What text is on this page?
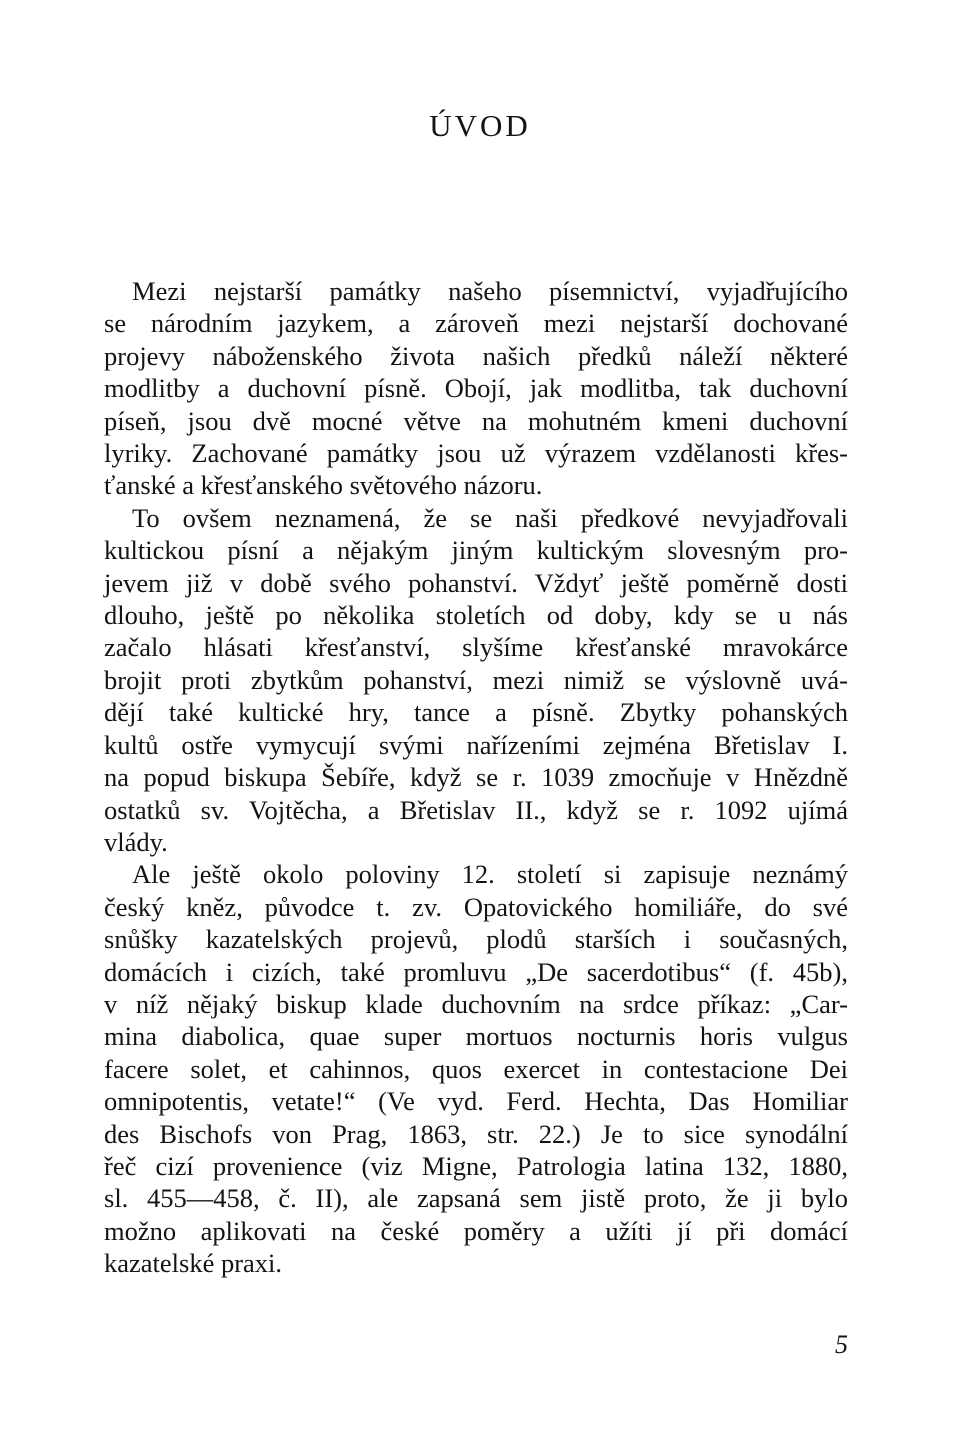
ÚVOD

Mezi nejstarší památky našeho písemnictví, vyjadřujícího
se národním jazykem, a zároveň mezi nejstarší dochované
projevy náboženského života našich předků náleží některé
modlitby a duchovní písně. Obojí, jak modlitba, tak duchovní
píseň, jsou dvě mocné větve na mohutném kmeni duchovní
lyriky. Zachované památky jsou už výrazem vzdělanosti křes-
ťanské a křesťanského světového názoru.

To ovšem neznamená, že se naši předkové nevyjadřovali
kultickou písní a nějakým jiným kultickým slovesným pro-
jevem již v době svého pohanství. Vždyť ještě poměrně dosti
dlouho, ještě po několika stoletích od doby, kdy se u nás
začalo hlásati křesťanství, slyšíme křesťanské mravokárce
brojit proti zbytkům pohanství, mezi nimiž se výslovně uvá-
dějí také kultické hry, tance a písně. Zbytky pohanských
kultů ostře vymycují svými nařízeními zejména Břetislav I.
na popud biskupa Šebíře, když se r. 1039 zmocňuje v Hnězdně
ostatků sv. Vojtěcha, a Břetislav II., když se r. 1092 ujímá
vlády.

Ale ještě okolo poloviny 12. století si zapisuje neznámý
český kněz, původce t. zv. Opatovického homiliáře, do své
snůšky kazatelských projevů, plodů starších i současných,
domácích i cizích, také promluvu „De sacerdotibus“ (f. 45b),
v níž nějaký biskup klade duchovním na srdce příkaz: „Car-
mina diabolica, quae super mortuos nocturnis horis vulgus
facere solet, et cahinnos, quos exercet in contestacione Dei
omnipotentis, vetate!“ (Ve vyd. Ferd. Hechta, Das Homiliar
des Bischofs von Prag, 1863, str. 22.) Je to sice synodální
řeč cizí provenience (viz Migne, Patrologia latina 132, 1880,
sl. 455—458, č. II), ale zapsaná sem jistě proto, že ji bylo
možno aplikovati na české poměry a užíti jí při domácí
kazatelské praxi.

5
